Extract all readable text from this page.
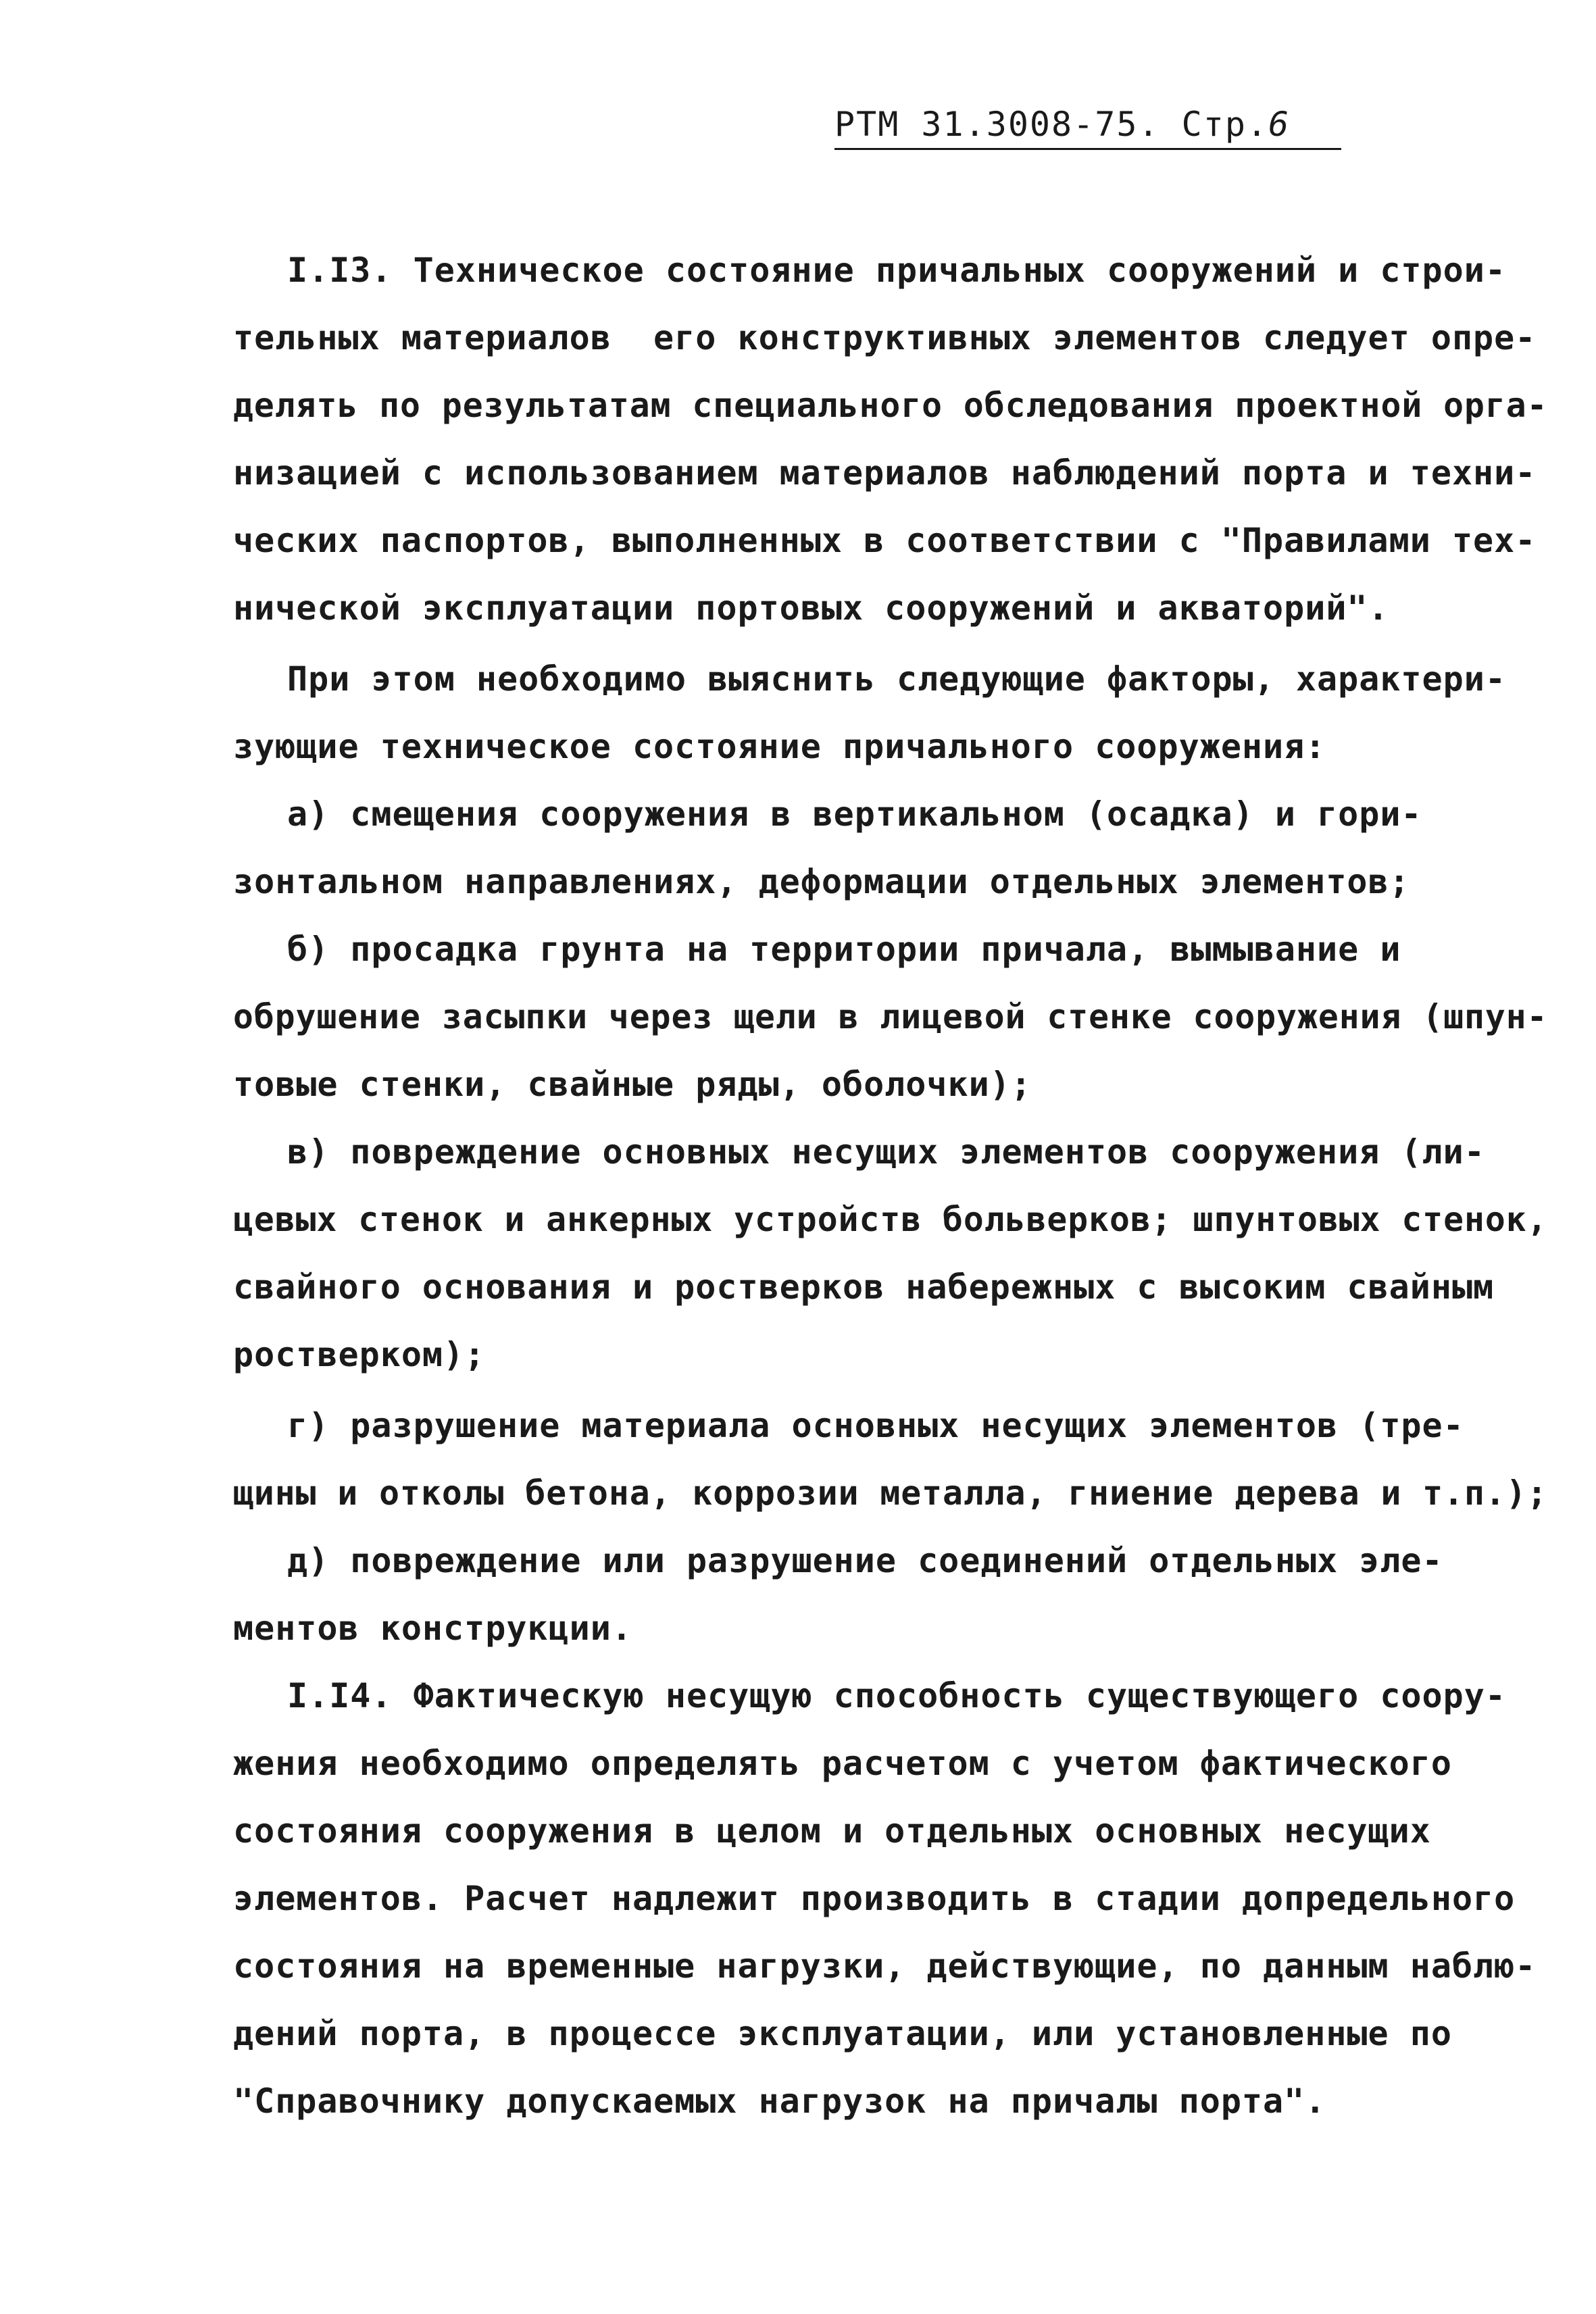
РТМ 31.3008-75. Стр.6
I.I3. Техническое состояние причальных сооружений и строи-
тельных материалов  его конструктивных элементов следует опре-
делять по результатам специального обследования проектной орга-
низацией с использованием материалов наблюдений порта и техни-
ческих паспортов, выполненных в соответствии с "Правилами тех-
нической эксплуатации портовых сооружений и акваторий".
При этом необходимо выяснить следующие факторы, характери-
зующие техническое состояние причального сооружения:
а) смещения сооружения в вертикальном (осадка) и гори-
зонтальном направлениях, деформации отдельных элементов;
б) просадка грунта на территории причала, вымывание и
обрушение засыпки через щели в лицевой стенке сооружения (шпун-
товые стенки, свайные ряды, оболочки);
в) повреждение основных несущих элементов сооружения (ли-
цевых стенок и анкерных устройств больверков; шпунтовых стенок,
свайного основания и ростверков набережных с высоким свайным
ростверком);
г) разрушение материала основных несущих элементов (тре-
щины и отколы бетона, коррозии металла, гниение дерева и т.п.);
д) повреждение или разрушение соединений отдельных эле-
ментов конструкции.
I.I4. Фактическую несущую способность существующего соору-
жения необходимо определять расчетом с учетом фактического
состояния сооружения в целом и отдельных основных несущих
элементов. Расчет надлежит производить в стадии допредельного
состояния на временные нагрузки, действующие, по данным наблю-
дений порта, в процессе эксплуатации, или установленные по
"Справочнику допускаемых нагрузок на причалы порта".
